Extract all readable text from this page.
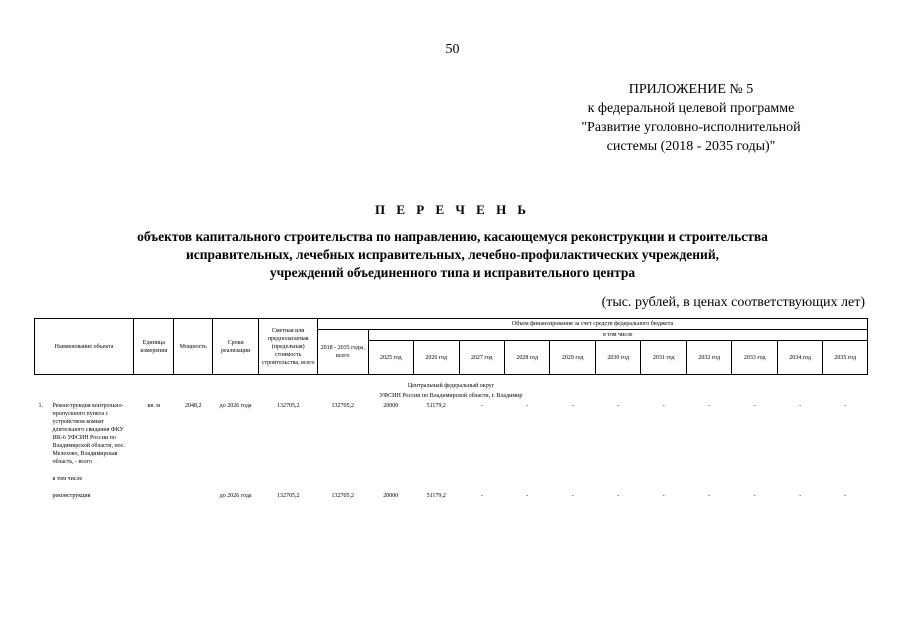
50
ПРИЛОЖЕНИЕ № 5
к федеральной целевой программе
"Развитие уголовно-исполнительной
системы (2018 - 2035 годы)"
П Е Р Е Ч Е Н Ь
объектов капитального строительства по направлению, касающемуся реконструкции и строительства
исправительных, лечебных исправительных, лечебно-профилактических учреждений,
учреждений объединенного типа и исправительного центра
(тыс. рублей, в ценах соответствующих лет)
Наименование объекта	Единица измерения	Мощность	Сроки реализации	Сметная или предполагаемая (предельная) стоимость строительства, всего	Объем финансирования за счет средств федерального бюджета											
					2018 - 2035 годы, всего	в том числе										
						2025 год	2026 год	2027 год	2028 год	2029 год	2030 год	2031 год	2032 год	2033 год	2034 год	2035 год

Центральный федеральный округ																
УФСИН России по Владимирской области, г. Владимир																

1. Реконструкция контрольно-пропускного пункта с устройством комнат длительного свидания ФКУ ИК-6 УФСИН России по Владимирской области, пос. Мелехово, Владимирская область, - всего	кв. м	2048,2	до 2026 года	132705,2	132705,2	20000	51179,2	-	-	-	-	-	-	-	-	-
в том числе																
реконструкция			до 2026 года	132705,2	132705,2	20000	51179,2	-	-	-	-	-	-	-	-	-
